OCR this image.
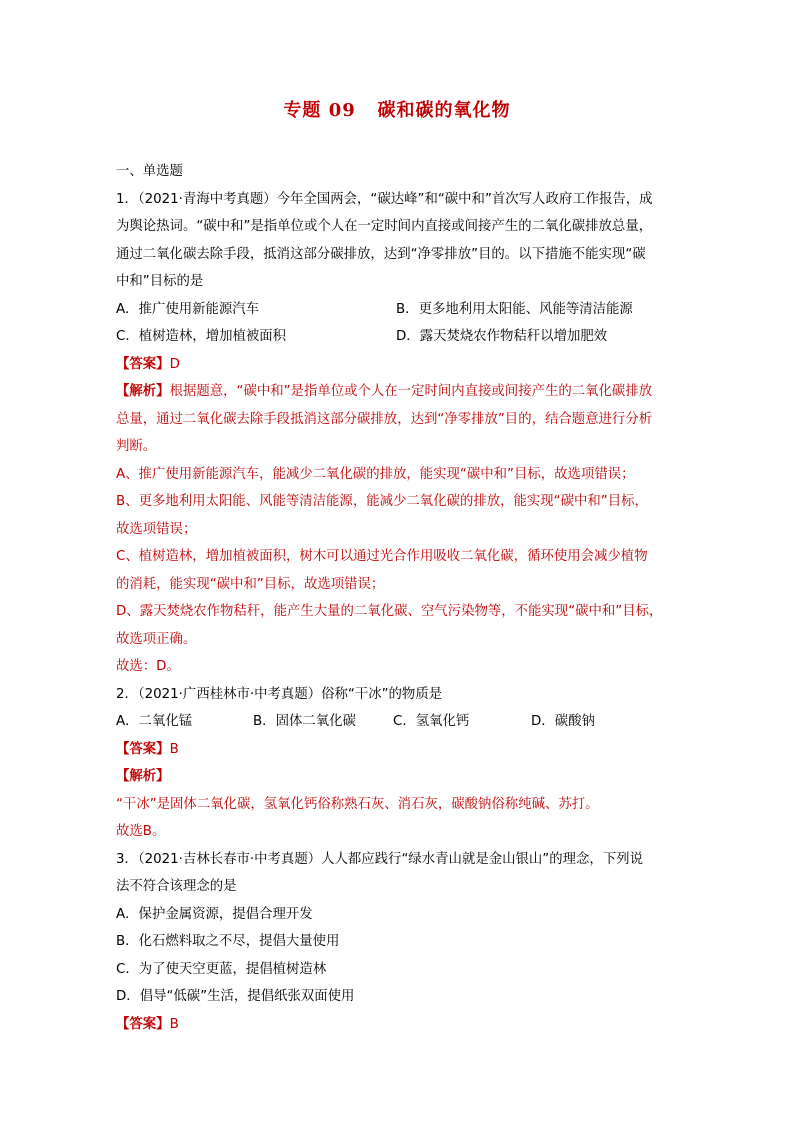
专题 09   碳和碳的氧化物
一、单选题
1．（2021·青海中考真题）今年全国两会，“碳达峰”和“碳中和”首次写人政府工作报告，成
为舆论热词。“碳中和”是指单位或个人在一定时间内直接或间接产生的二氧化碳排放总量，
通过二氧化碳去除手段，抵消这部分碳排放，达到“净零排放”目的。以下措施不能实现“碳
中和”目标的是
A．推广使用新能源汽车	B．更多地利用太阳能、风能等清洁能源
C．植树造林，增加植被面积	D．露天焚烧农作物秸秆以增加肥效
【答案】D
【解析】根据题意，“碳中和”是指单位或个人在一定时间内直接或间接产生的二氧化碳排放
总量，通过二氧化碳去除手段抵消这部分碳排放，达到“净零排放”目的，结合题意进行分析
判断。
A、推广使用新能源汽车，能减少二氧化碳的排放，能实现“碳中和”目标，故选项错误；
B、更多地利用太阳能、风能等清洁能源，能减少二氧化碳的排放，能实现“碳中和”目标，
故选项错误；
C、植树造林，增加植被面积，树木可以通过光合作用吸收二氧化碳，循环使用会减少植物
的消耗，能实现“碳中和”目标，故选项错误；
D、露天焚烧农作物秸秆，能产生大量的二氧化碳、空气污染物等，不能实现“碳中和”目标，
故选项正确。
故选：D。
2．（2021·广西桂林市·中考真题）俗称“干冰”的物质是
A．二氧化锰	B．固体二氧化碳	C．氢氧化钙	D．碳酸钠
【答案】B
【解析】
“干冰”是固体二氧化碳，氢氧化钙俗称熟石灰、消石灰，碳酸钠俗称纯碱、苏打。
故选B。
3．（2021·吉林长春市·中考真题）人人都应践行“绿水青山就是金山银山”的理念，下列说
法不符合该理念的是
A．保护金属资源，提倡合理开发
B．化石燃料取之不尽，提倡大量使用
C．为了使天空更蓝，提倡植树造林
D．倡导“低碳”生活，提倡纸张双面使用
【答案】B
